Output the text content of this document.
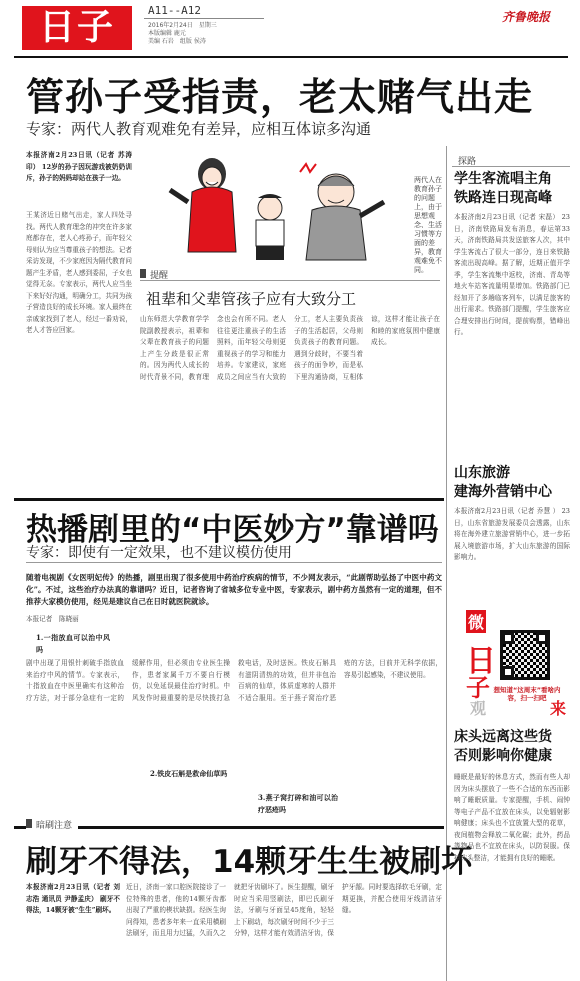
日子	A11--A12
2016年2月24日　星期三
本版编辑 鹿元
美编 石岩　组版 侯涛
齐鲁晚报
管孙子受指责，老太赌气出走
专家：两代人教育观难免有差异，应相互体谅多沟通
本报济南2月23日讯（记者 苏涛印） 12岁的孙子因玩游戏被奶奶训斥，孙子的妈妈却站在孩子一边。
王某济近日赌气出走，家人四处寻找。两代人教育理念的冲突在许多家庭都存在，老人心疼孙子，而年轻父母则认为应当尊重孩子的想法。记者采访发现，不少家庭因为隔代教育问题产生矛盾，老人感到委屈，子女也觉得无奈。专家表示，两代人应当坐下来好好沟通，明确分工，共同为孩子营造良好的成长环境。家人最终在亲戚家找到了老人，经过一番劝说，老人才答应回家。
两代人在教育孙子的问题上，由于思想观念、生活习惯等方面的差异，教育观难免不同。
提醒
祖辈和父辈管孩子应有大致分工
山东师范大学教育学学院副教授表示，祖辈和父辈在教育孩子的问题上产生分歧是很正常的。因为两代人成长的时代背景不同，教育理念也会有所不同。老人往往更注重孩子的生活照料，而年轻父母则更重视孩子的学习和能力培养。专家建议，家庭成员之间应当有大致的分工，老人主要负责孩子的生活起居，父母则负责孩子的教育问题。遇到分歧时，不要当着孩子的面争吵，而是私下里沟通协商，互相体谅，这样才能让孩子在和睦的家庭氛围中健康成长。
热播剧里的“中医妙方”靠谱吗
专家：即使有一定效果，也不建议模仿使用
随着电视剧《女医明妃传》的热播，剧里出现了很多使用中药治疗疾病的情节，不少网友表示，“此剧帮助弘扬了中医中药文化”。不过，这些治疗办法真的靠谱吗？近日，记者咨询了省城多位专业中医，专家表示，剧中药方虽然有一定的道理，但不推荐大家模仿使用，经见是建议自己在日时就医院就诊。
本报记者　陈晓丽
1.一指放血可以治中风吗
2.铁皮石斛是救命仙草吗
3.燕子窝打碎和油可以治疗恶疮吗
剧中出现了用银针刺破手指放血来治疗中风的情节。专家表示，十指放血在中医里确实有这种治疗方法，对于部分急症有一定的缓解作用，但必须由专业医生操作，患者家属千万不要自行模仿，以免延误最佳治疗时机。中风发作时最重要的是尽快拨打急救电话，及时送医。铁皮石斛具有滋阴清热的功效，但并非包治百病的仙草，体质虚寒的人群并不适合服用。至于燕子窝治疗恶疮的方法，目前并无科学依据，容易引起感染，不建议使用。
暗刷注意
刷牙不得法，14颗牙生生被刷坏
本报济南2月23日讯（记者 刘志浩 通讯员 尹静孟庆） 刷牙不得法，14颗牙被“生生”刷坏。
近日，济南一家口腔医院接诊了一位特殊的患者，他的14颗牙齿都出现了严重的楔状缺损。经医生询问得知，患者多年来一直采用横刷法刷牙，而且用力过猛，久而久之就把牙齿刷坏了。医生提醒，刷牙时应当采用竖刷法，即巴氏刷牙法，牙刷与牙面呈45度角，轻轻上下刷动，每次刷牙时间不少于三分钟，这样才能有效清洁牙齿，保护牙龈。同时要选择软毛牙刷，定期更换，并配合使用牙线清洁牙缝。
探路
学生客流唱主角
铁路连日现高峰
本报济南2月23日讯（记者 宋磊） 23日，济南铁路局发布消息，春运第33天，济南铁路局共发送旅客人次，其中学生客流占了很大一部分，连日来铁路客流出现高峰。据了解，近期正值开学季，学生客流集中返校，济南、青岛等地火车站客流量明显增加。铁路部门已经加开了多趟临客列车，以满足旅客的出行需求。铁路部门提醒，学生旅客应合理安排出行时间，提前购票，错峰出行。
山东旅游
建海外营销中心
本报济南2月23日讯（记者 乔慧 ） 23日，山东省旅游发展委员会透露，山东将在海外建立旅游营销中心，进一步拓展入境旅游市场，扩大山东旅游的国际影响力。
微
日
子
观	来
想知道“这周末”看啥内容，扫一扫吧
床头远离这些货
否则影响你健康
睡眠是最好的休息方式，然而有些人却因为床头摆放了一些不合适的东西而影响了睡眠质量。专家提醒，手机、闹钟等电子产品不宜放在床头，以免辐射影响健康；床头也不宜放置大型的花草，夜间植物会释放二氧化碳；此外，药品等物品也不宜放在床头，以防误服。保持床头整洁，才能拥有良好的睡眠。
